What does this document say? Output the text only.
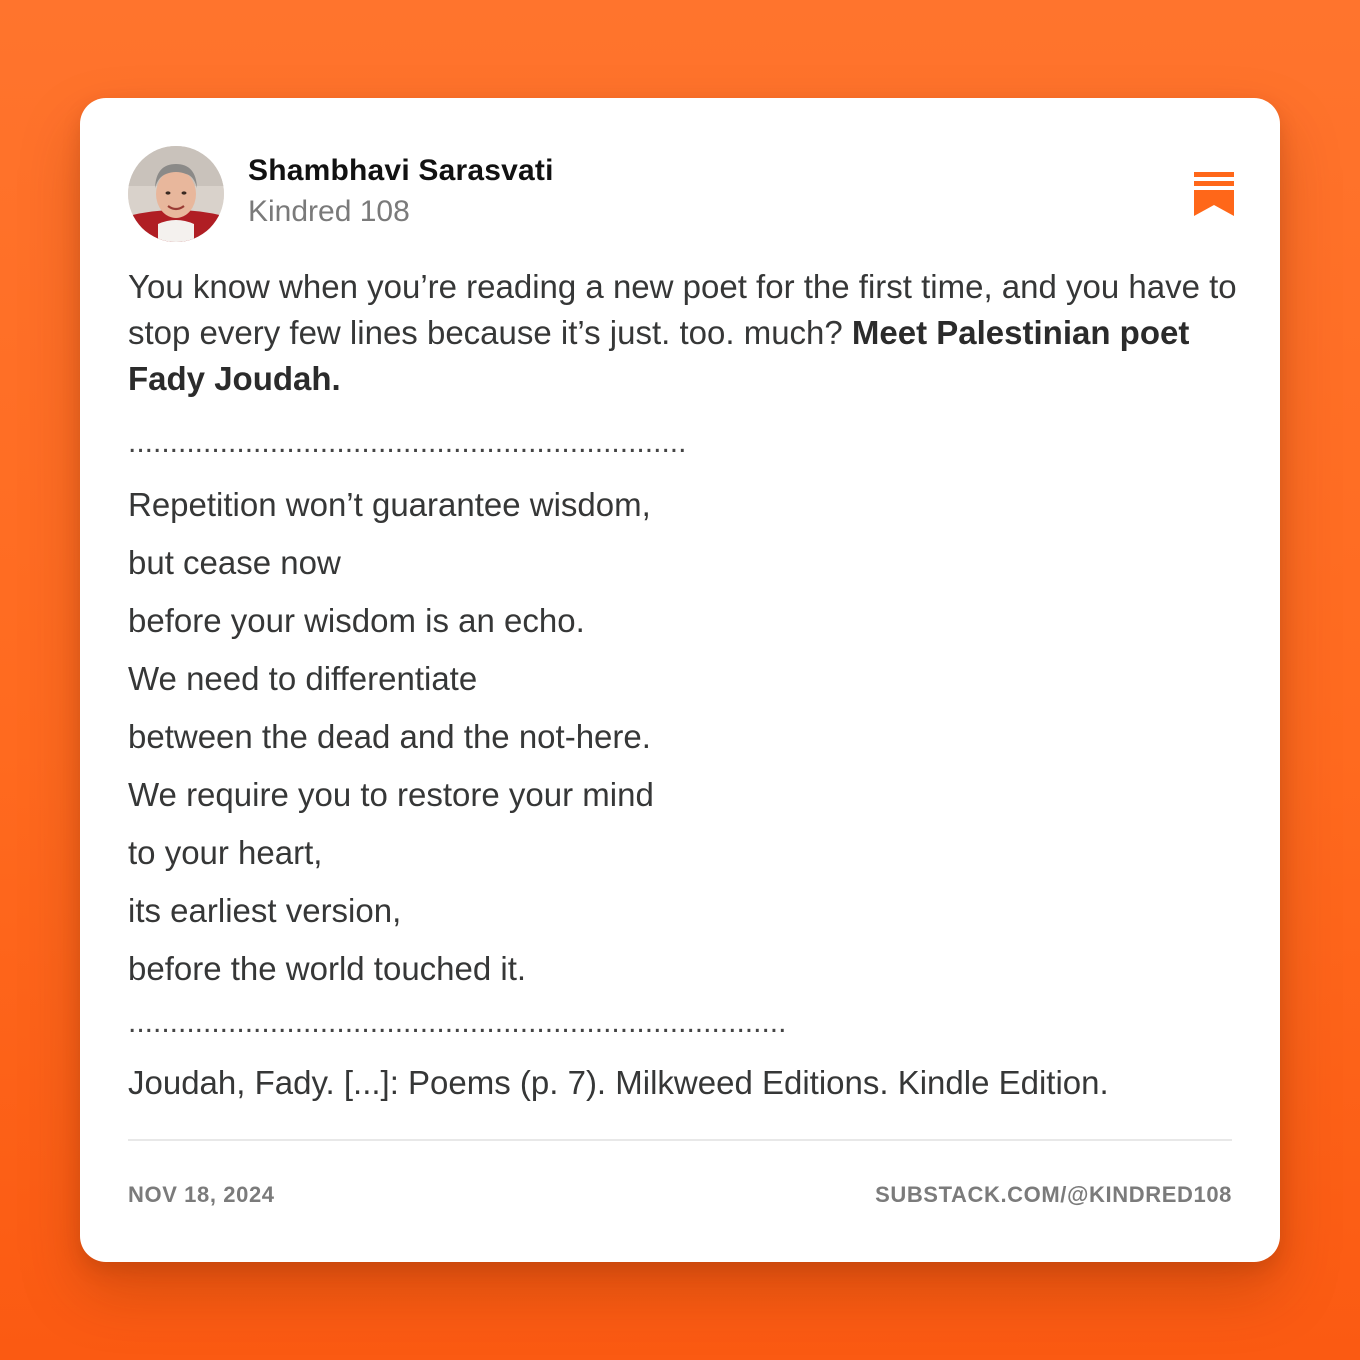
Shambhavi Sarasvati
Kindred 108
You know when you’re reading a new poet for the first time, and you have to stop every few lines because it’s just. too. much? Meet Palestinian poet Fady Joudah.
...................................................................
Repetition won’t guarantee wisdom,
but cease now
before your wisdom is an echo.
We need to differentiate
between the dead and the not-here.
We require you to restore your mind
to your heart,
its earliest version,
before the world touched it.
...............................................................................
Joudah, Fady. [...]: Poems (p. 7). Milkweed Editions. Kindle Edition.
NOV 18, 2024	SUBSTACK.COM/@KINDRED108
